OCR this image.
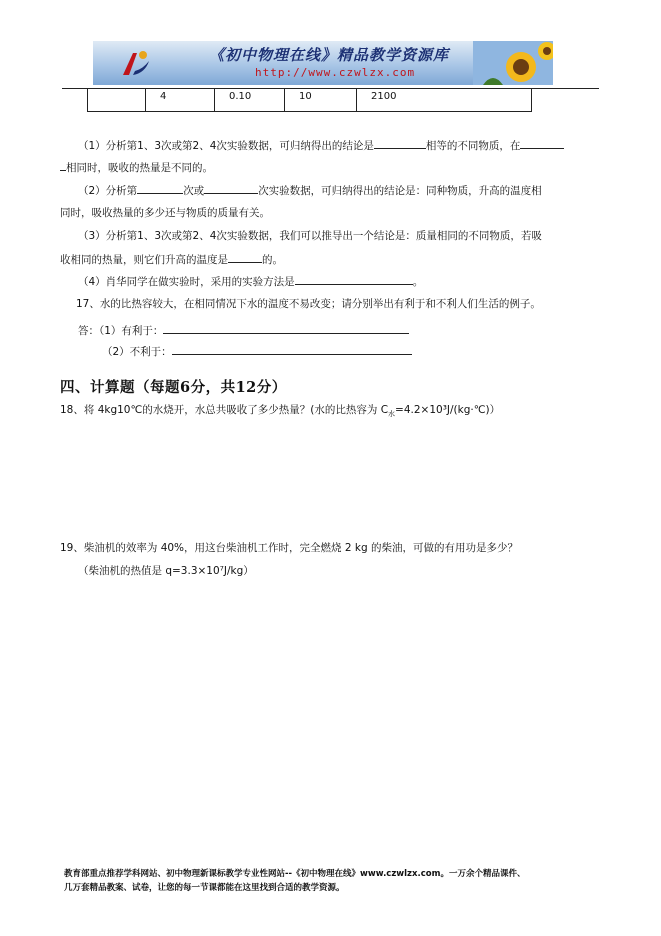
《初中物理在线》精品教学资源库
http://www.czwlzx.com
4	0.10	10	2100
（1）分析第1、3次或第2、4次实验数据，可归纳得出的结论是	相等的不同物质，在
相同时，吸收的热量是不同的。
（2）分析第	次或	次实验数据，可归纳得出的结论是：同种物质，升高的温度相
同时，吸收热量的多少还与物质的质量有关。
（3）分析第1、3次或第2、4次实验数据，我们可以推导出一个结论是：质量相同的不同物质，若吸
收相同的热量，则它们升高的温度是	的。
（4）肖华同学在做实验时，采用的实验方法是	。
17、水的比热容较大，在相同情况下水的温度不易改变；请分别举出有利于和不利人们生活的例子。
答：（1）有利于：
（2）不利于：
四、计算题（每题6分，共12分）
18、将 4kg10℃的水烧开，水总共吸收了多少热量？(水的比热容为 $C_水=4.2\times 10^3J/(kg\cdot℃)$）
19、柴油机的效率为 40%，用这台柴油机工作时，完全燃烧 2 kg 的柴油，可做的有用功是多少？
（柴油机的热值是 q=3.3×10⁷J/kg）
教育部重点推荐学科网站、初中物理新课标教学专业性网站--《初中物理在线》www.czwlzx.com。一万余个精品课件、
几万套精品教案、试卷，让您的每一节课都能在这里找到合适的教学资源。
